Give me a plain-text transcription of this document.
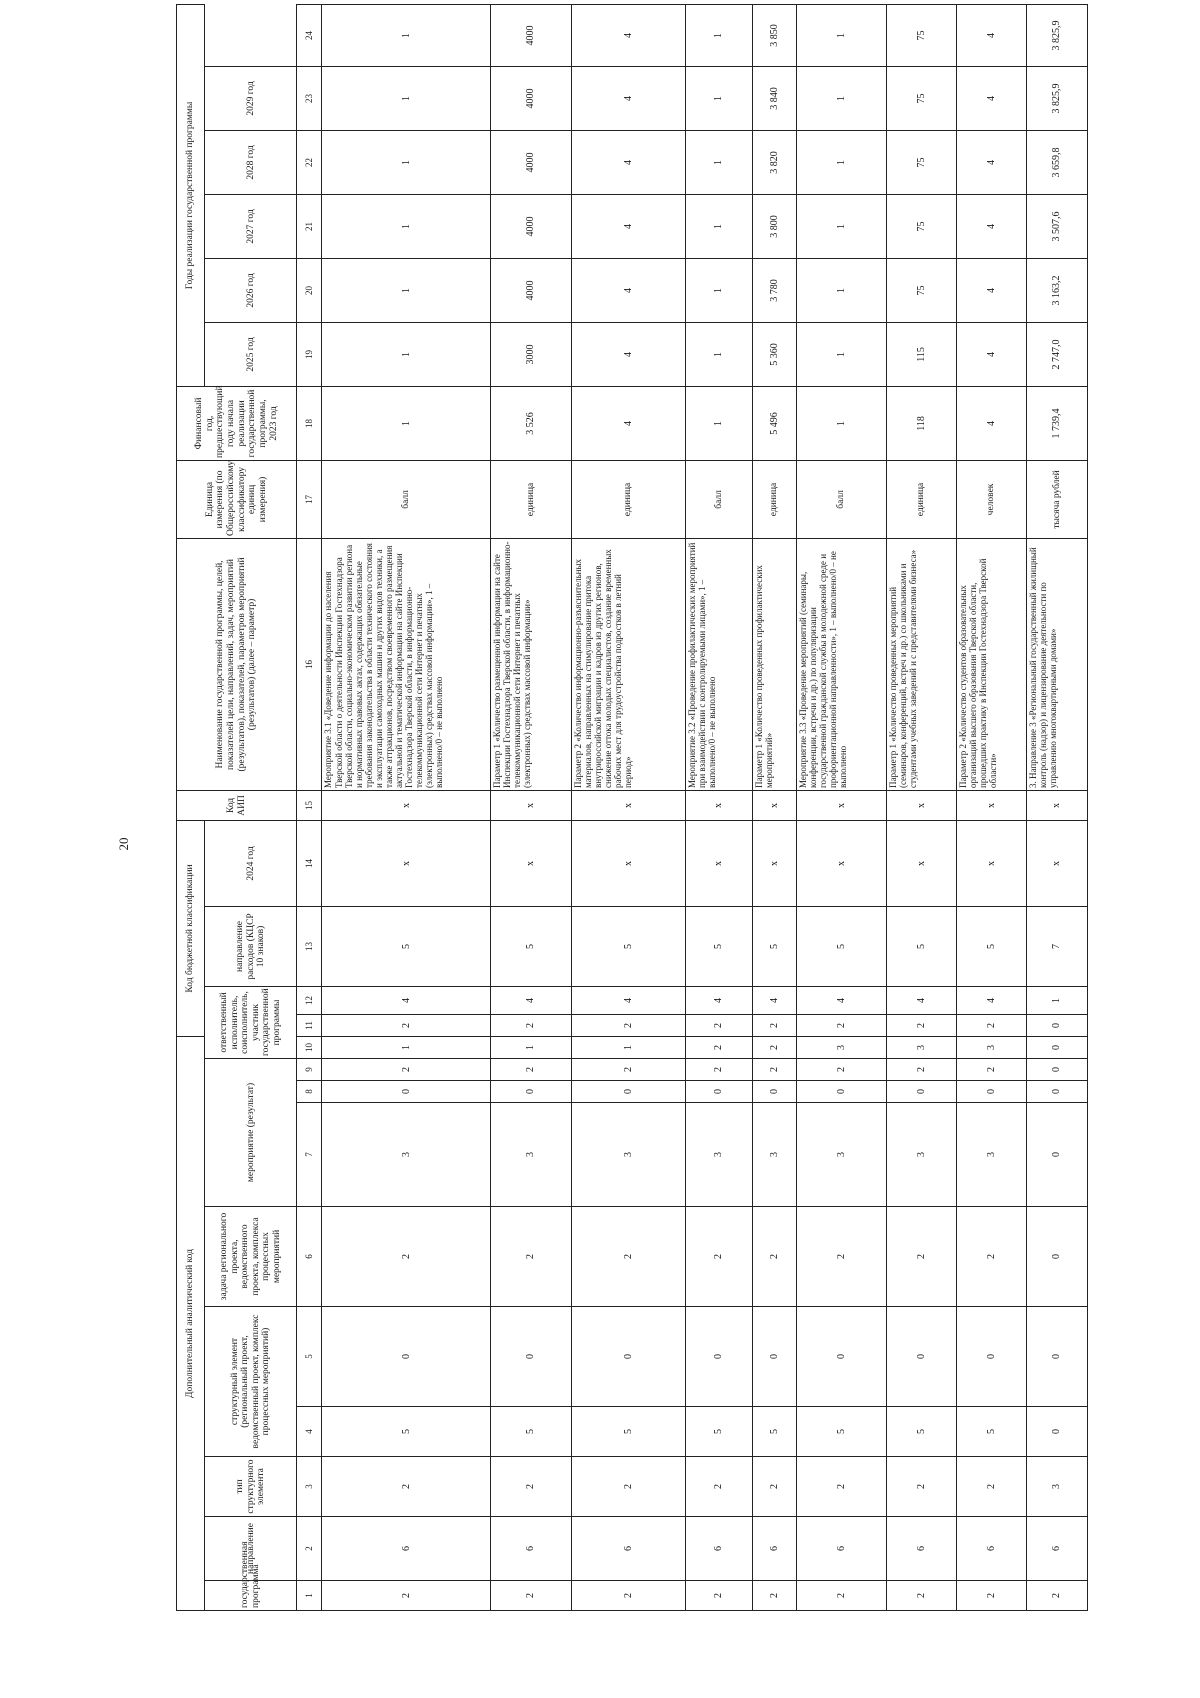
20
Дополнительный аналитический код										Код бюджетной классификации				Код АИП	Наименование государственной программы, целей, показателей цели, направлений, задач, мероприятий (результатов), показателей, параметров мероприятий (результатов) (далее – параметр)	Единица измерения (по Общероссийскому классификатору единиц измерения)	Финансовый год, предшествующий году начала реализации государственной программы, 2023 год	Годы реализации государственной программы					
государственная программа	направление	тип структурного элемента	структурный элемент (региональный проект, ведомственный проект, комплекс процессных мероприятий)		задача регионального проекта, ведомственного проекта, комплекса процессных мероприятий	мероприятие (результат)			ответственный исполнитель, соисполнитель, участник государственной программы			направление расходов (КЦСР 10 знаков)	2024 год					2025 год	2026 год	2027 год	2028 год	2029 год	

1	2	3	4	5	6	7	8	9	10	11	12	13	14	15	16	17	18	19	20	21	22	23	24
2	6	2	5	0	2	3	0	2	1	2	4	5	x	x	Мероприятие 3.1 «Доведение информации до населения Тверской области о деятельности Инспекции Гостехнадзора Тверской области, социально-экономическом развитии региона и нормативных правовых актах, содержащих обязательные требования законодательства в области технического состояния и эксплуатации самоходных машин и других видов техники, а также аттракционов, посредством своевременного размещения актуальной и тематической информации на сайте Инспекции Гостехнадзора Тверской области, в информационно-телекоммуникационной сети Интернет и печатных (электронных) средствах массовой информации», 1 – выполнено/0 – не выполнено	балл	1	1	1	1	1	1	1
2	6	2	5	0	2	3	0	2	1	2	4	5	x	x	Параметр 1 «Количество размещенной информации на сайте Инспекции Гостехнадзора Тверской области, в информационно-телекоммуникационной сети Интернет и печатных (электронных) средствах массовой информации»	единица	3 526	3000	4000	4000	4000	4000	4000
2	6	2	5	0	2	3	0	2	1	2	4	5	x	x	Параметр 2 «Количество информационно-разъяснительных материалов, направленных на стимулирование притока внутрироссийской миграции и кадров из других регионов, снижение оттока молодых специалистов, создание временных рабочих мест для трудоустройства подростков в летний период»	единица	4	4	4	4	4	4	4
2	6	2	5	0	2	3	0	2	2	2	4	5	x	x	Мероприятие 3.2 «Проведение профилактических мероприятий при взаимодействии с контролируемыми лицами», 1 – выполнено/0 – не выполнено	балл	1	1	1	1	1	1	1
2	6	2	5	0	2	3	0	2	2	2	4	5	x	x	Параметр 1 «Количество проведенных профилактических мероприятий»	единица	5 496	5 360	3 780	3 800	3 820	3 840	3 850
2	6	2	5	0	2	3	0	2	3	2	4	5	x	x	Мероприятие 3.3 «Проведение мероприятий (семинары, конференции, встречи и др.) по популяризации государственной гражданской службы в молодежной среде и профориентационной направленности», 1 – выполнено/0 – не выполнено	балл	1	1	1	1	1	1	1
2	6	2	5	0	2	3	0	2	3	2	4	5	x	x	Параметр 1 «Количество проведенных мероприятий (семинаров, конференций, встреч и др.) со школьниками и студентами учебных заведений и с представителями бизнеса»	единица	118	115	75	75	75	75	75
2	6	2	5	0	2	3	0	2	3	2	4	5	x	x	Параметр 2 «Количество студентов образовательных организаций высшего образования Тверской области, прошедших практику в Инспекции Гостехнадзора Тверской области»	человек	4	4	4	4	4	4	4
2	6	3	0	0	0	0	0	0	0	0	1	7	x	x	3. Направление 3 «Региональный государственный жилищный контроль (надзор) и лицензирование деятельности по управлению многоквартирными домами»	тысяча рублей	1 739,4	2 747,0	3 163,2	3 507,6	3 659,8	3 825,9	3 825,9
